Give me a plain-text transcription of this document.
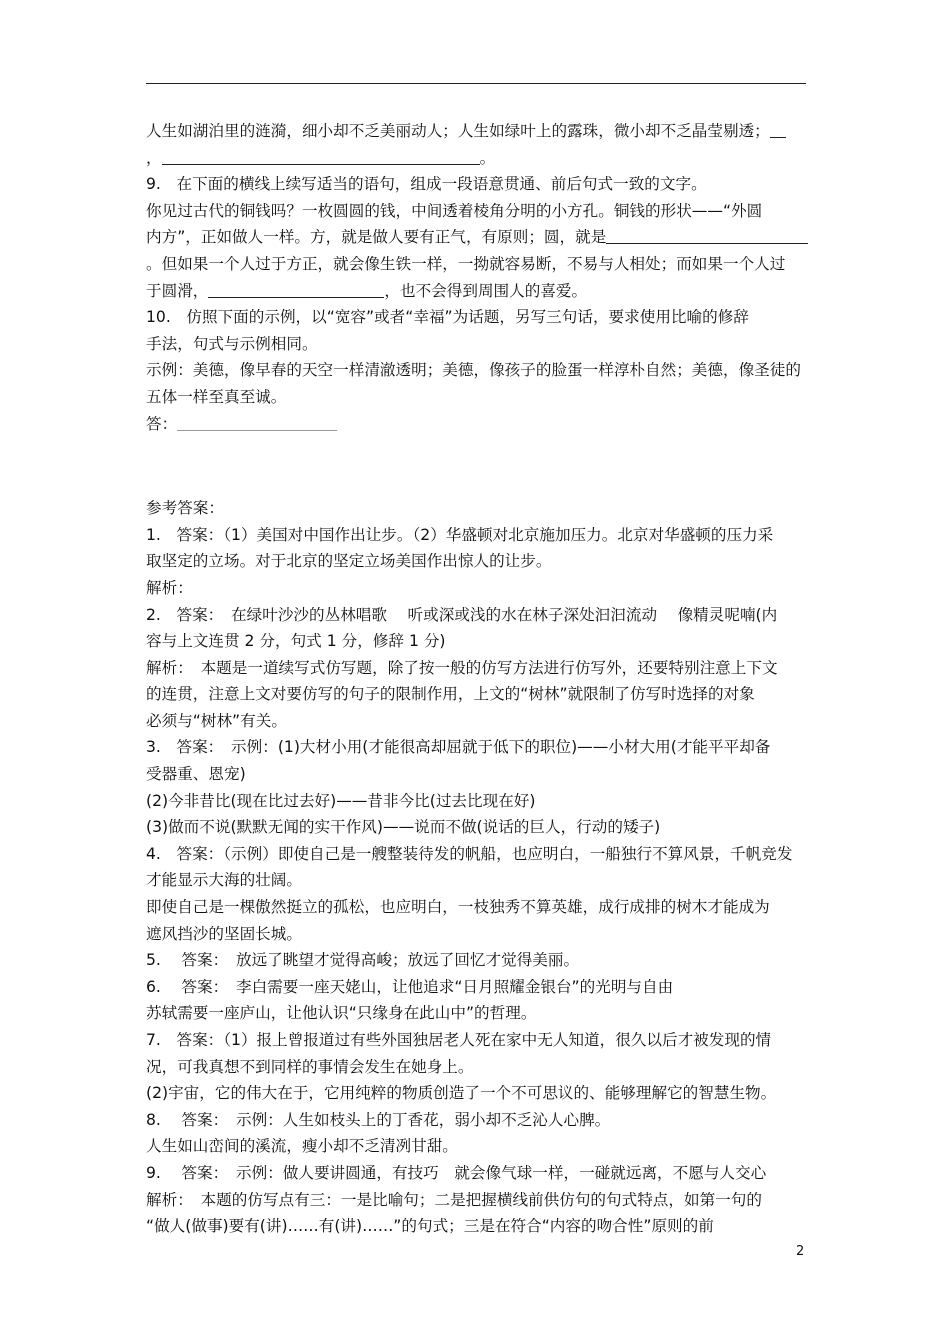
人生如湖泊里的涟漪，细小却不乏美丽动人；人生如绿叶上的露珠，微小却不乏晶莹剔透；

，	。

9.　在下面的横线上续写适当的语句，组成一段语意贯通、前后句式一致的文字。

你见过古代的铜钱吗？一枚圆圆的钱，中间透着棱角分明的小方孔。铜钱的形状——“外圆

内方”，正如做人一样。方，就是做人要有正气，有原则；圆，就是

。但如果一个人过于方正，就会像生铁一样，一拗就容易断，不易与人相处；而如果一个人过

于圆滑，	，也不会得到周围人的喜爱。

10.　仿照下面的示例，以“宽容”或者“幸福”为话题，另写三句话，要求使用比喻的修辞

手法，句式与示例相同。

示例：美德，像早春的天空一样清澈透明；美德，像孩子的脸蛋一样淳朴自然；美德，像圣徒的

五体一样至真至诚。

答：

参考答案：

1.　答案：（1）美国对中国作出让步。（2）华盛顿对北京施加压力。北京对华盛顿的压力采

取坚定的立场。对于北京的坚定立场美国作出惊人的让步。

解析：

2.　答案：　在绿叶沙沙的丛林唱歌　 听或深或浅的水在林子深处汩汩流动　 像精灵呢喃(内

容与上文连贯 2 分，句式 1 分，修辞 1 分)

解析：　本题是一道续写式仿写题，除了按一般的仿写方法进行仿写外，还要特别注意上下文

的连贯，注意上文对要仿写的句子的限制作用，上文的“树林”就限制了仿写时选择的对象

必须与“树林”有关。

3.　答案：　示例：(1)大材小用(才能很高却屈就于低下的职位)——小材大用(才能平平却备

受器重、恩宠)

(2)今非昔比(现在比过去好)——昔非今比(过去比现在好)

(3)做而不说(默默无闻的实干作风)——说而不做(说话的巨人，行动的矮子)

4.　答案：（示例）即使自己是一艘整装待发的帆船，也应明白，一船独行不算风景，千帆竞发

才能显示大海的壮阔。

即使自己是一棵傲然挺立的孤松，也应明白，一枝独秀不算英雄，成行成排的树木才能成为

遮风挡沙的坚固长城。

5.　 答案：　放远了眺望才觉得高峻；放远了回忆才觉得美丽。

6.　 答案：　李白需要一座天姥山，让他追求“日月照耀金银台”的光明与自由

苏轼需要一座庐山，让他认识“只缘身在此山中”的哲理。

7.　答案：（1）报上曾报道过有些外国独居老人死在家中无人知道，很久以后才被发现的情

况，可我真想不到同样的事情会发生在她身上。

(2)宇宙，它的伟大在于，它用纯粹的物质创造了一个不可思议的、能够理解它的智慧生物。

8.　 答案：　示例：人生如枝头上的丁香花，弱小却不乏沁人心脾。

人生如山峦间的溪流，瘦小却不乏清冽甘甜。

9.　 答案：　示例：做人要讲圆通，有技巧　就会像气球一样，一碰就远离，不愿与人交心

解析：　本题的仿写点有三：一是比喻句；二是把握横线前供仿句的句式特点，如第一句的

“做人(做事)要有(讲)……有(讲)……”的句式；三是在符合“内容的吻合性”原则的前

2
